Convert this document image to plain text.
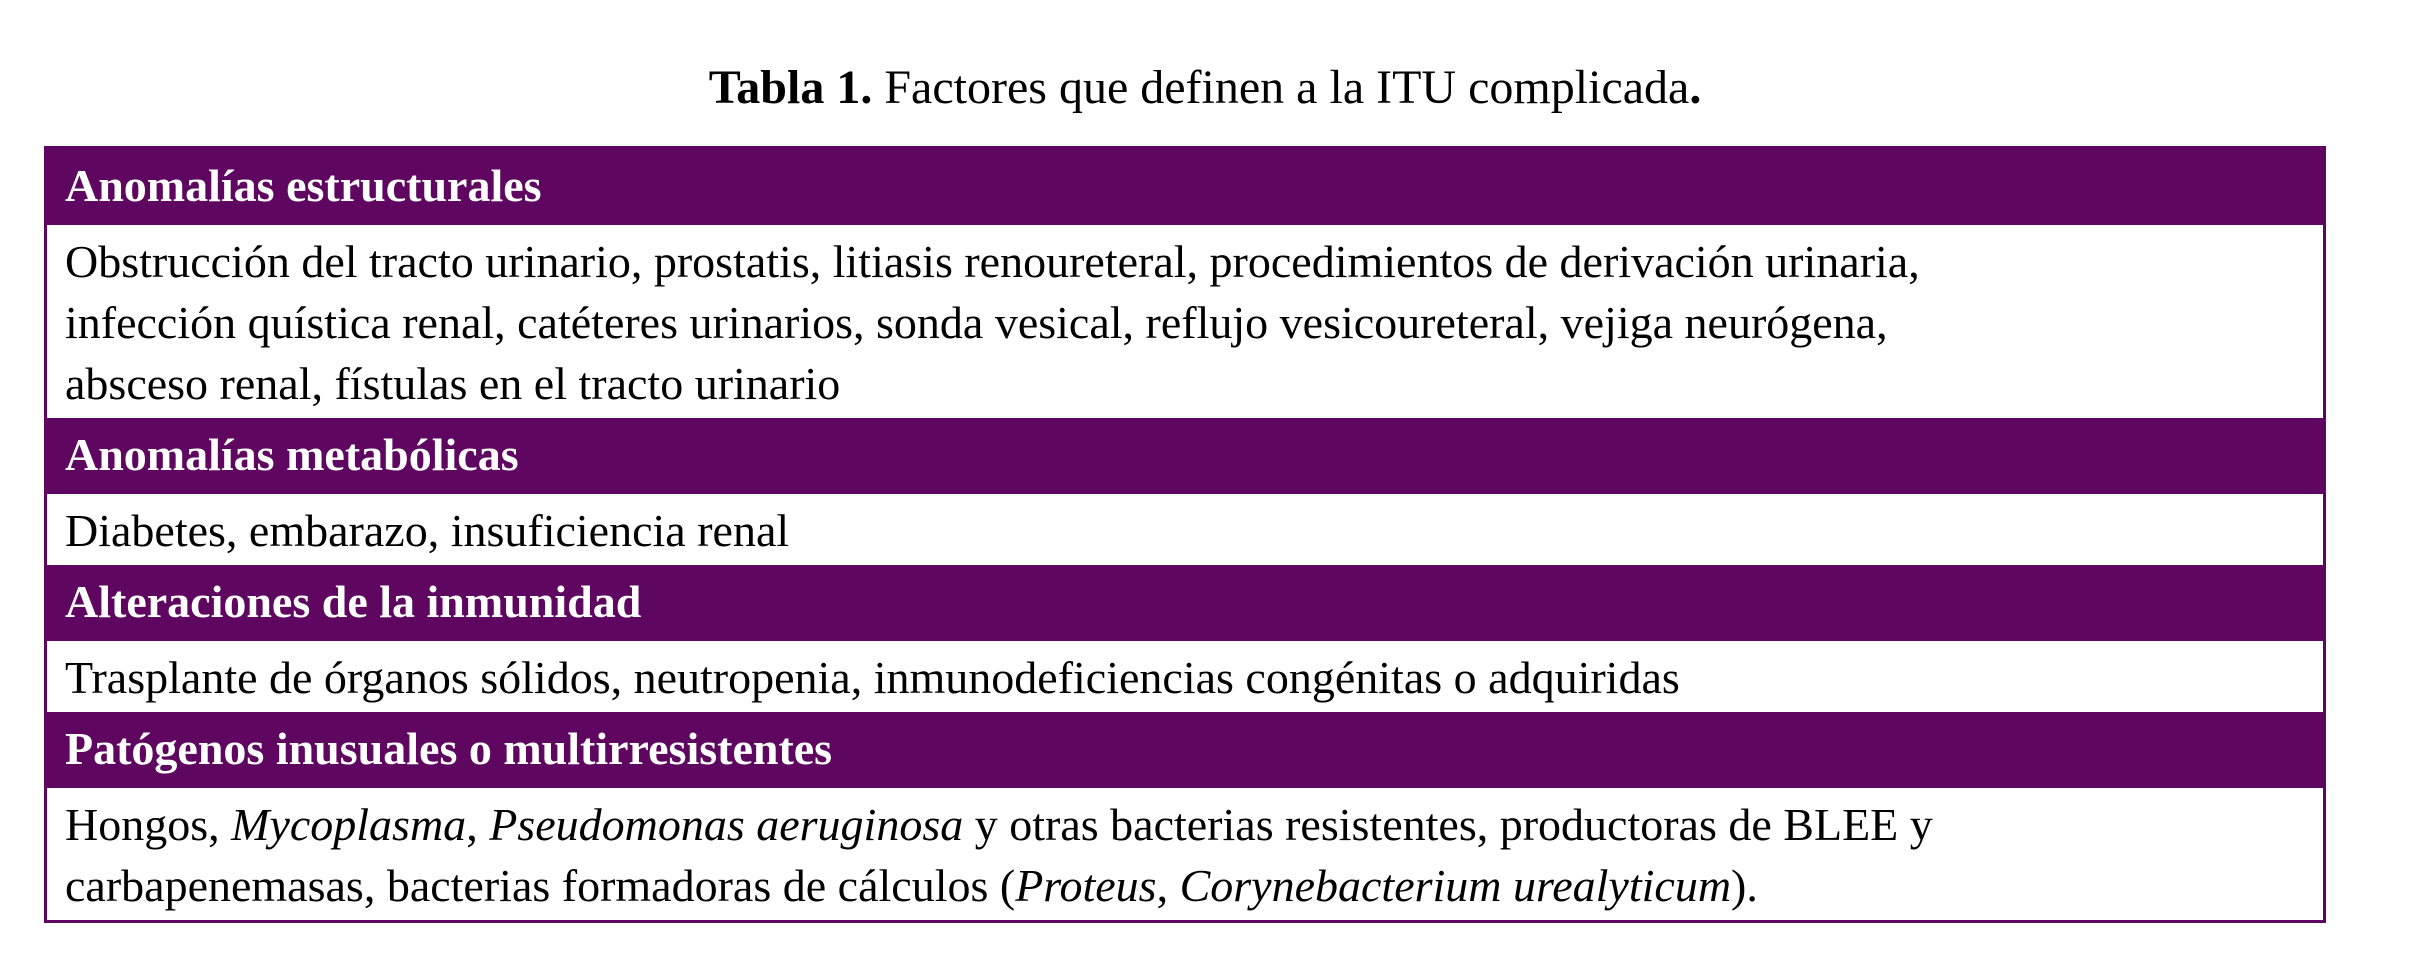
Tabla 1. Factores que definen a la ITU complicada.
Anomalías estructurales
Obstrucción del tracto urinario, prostatis, litiasis renoureteral, procedimientos de derivación urinaria,
infección quística renal, catéteres urinarios, sonda vesical, reflujo vesicoureteral, vejiga neurógena,
absceso renal, fístulas en el tracto urinario
Anomalías metabólicas
Diabetes, embarazo, insuficiencia renal
Alteraciones de la inmunidad
Trasplante de órganos sólidos, neutropenia, inmunodeficiencias congénitas o adquiridas
Patógenos inusuales o multirresistentes
Hongos, Mycoplasma, Pseudomonas aeruginosa y otras bacterias resistentes, productoras de BLEE y
carbapenemasas, bacterias formadoras de cálculos (Proteus, Corynebacterium urealyticum).
